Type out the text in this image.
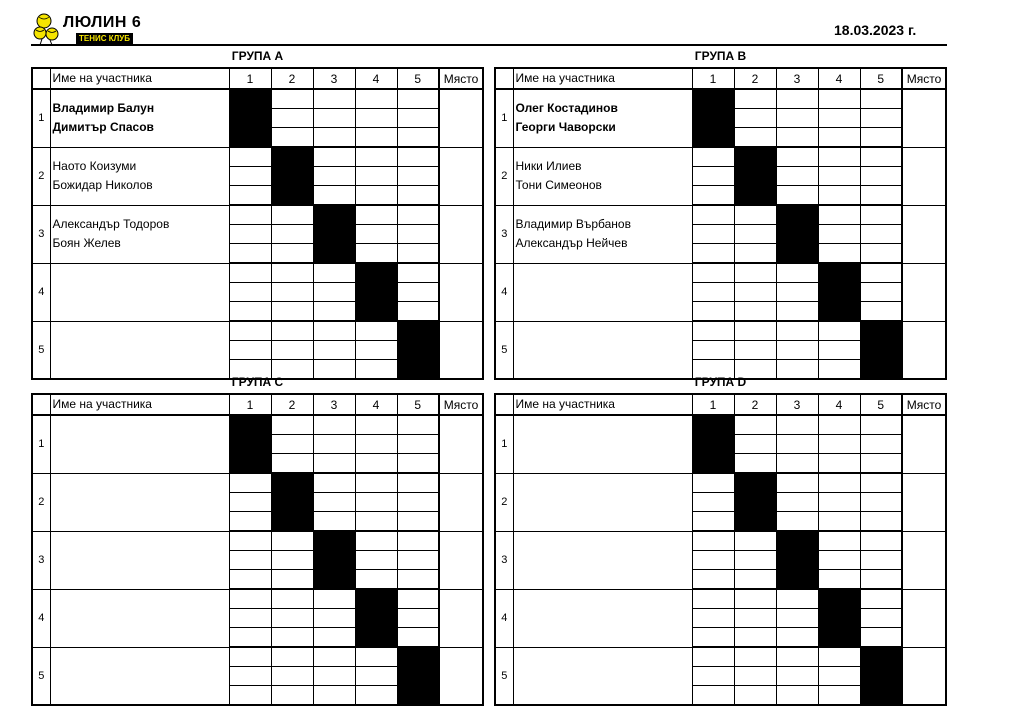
ЛЮЛИН 6
ТЕНИС КЛУБ
18.03.2023 г.
ГРУПА А
	Име на участника	1	2	3	4	5	Място
1	Владимир Балун
Димитър Спасов						

2	Наото Коизуми
Божидар Николов						

3	Александър Тодоров
Боян Желев						

4							

5							

ГРУПА B
	Име на участника	1	2	3	4	5	Място
1	Олег Костадинов
Георги Чаворски						

2	Ники Илиев
Тони Симеонов						

3	Владимир Върбанов
Александър Нейчев						

4							

5							

ГРУПА C
	Име на участника	1	2	3	4	5	Място
1							

2							

3							

4							

5							

ГРУПА D
	Име на участника	1	2	3	4	5	Място
1							

2							

3							

4							

5							
